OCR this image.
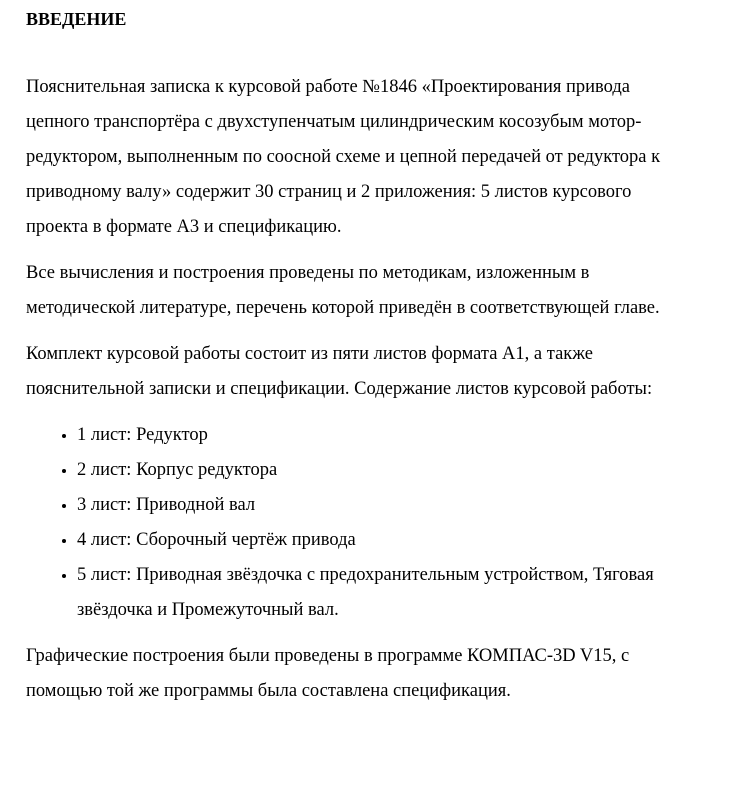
ВВЕДЕНИЕ

Пояснительная записка к курсовой работе №1846 «Проектирования привода цепного транспортёра с двухступенчатым цилиндрическим косозубым мотор-редуктором, выполненным по соосной схеме и цепной передачей от редуктора к приводному валу» содержит 30 страниц и 2 приложения: 5 листов курсового проекта в формате А3 и спецификацию.

Все вычисления и построения проведены по методикам, изложенным в методической литературе, перечень которой приведён в соответствующей главе.

Комплект курсовой работы состоит из пяти листов формата А1, а также пояснительной записки и спецификации. Содержание листов курсовой работы:

• 1 лист: Редуктор
• 2 лист: Корпус редуктора
• 3 лист: Приводной вал
• 4 лист: Сборочный чертёж привода
• 5 лист: Приводная звёздочка с предохранительным устройством, Тяговая звёздочка и Промежуточный вал.

Графические построения были проведены в программе КОМПАС-3D V15, с помощью той же программы была составлена спецификация.
